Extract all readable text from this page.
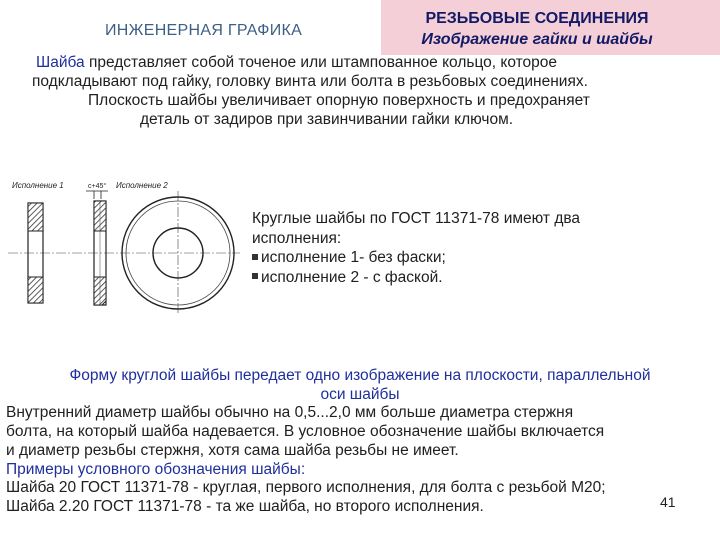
ИНЖЕНЕРНАЯ ГРАФИКА
РЕЗЬБОВЫЕ СОЕДИНЕНИЯ
Изображение гайки и шайбы
Шайба представляет собой точеное или штампованное кольцо, которое
подкладывают под гайку, головку винта или болта в резьбовых соединениях.
Плоскость шайбы увеличивает опорную поверхность и предохраняет
деталь от задиров при завинчивании гайки ключом.
Исполнение 1	Исполнение 2
c+45°
Круглые шайбы по ГОСТ 11371-78 имеют два
исполнения:
исполнение 1- без фаски;
исполнение 2 - с фаской.
Форму круглой шайбы передает одно изображение на плоскости, параллельной
оси шайбы
Внутренний диаметр шайбы обычно на 0,5...2,0 мм больше диаметра стержня
болта, на который шайба надевается. В условное обозначение шайбы включается
и диаметр резьбы стержня, хотя сама шайба резьбы не имеет.
Примеры условного обозначения шайбы:
Шайба 20 ГОСТ 11371-78 - круглая, первого исполнения, для болта с резьбой М20;
Шайба 2.20 ГОСТ 11371-78 - та же шайба, но второго исполнения.	41
